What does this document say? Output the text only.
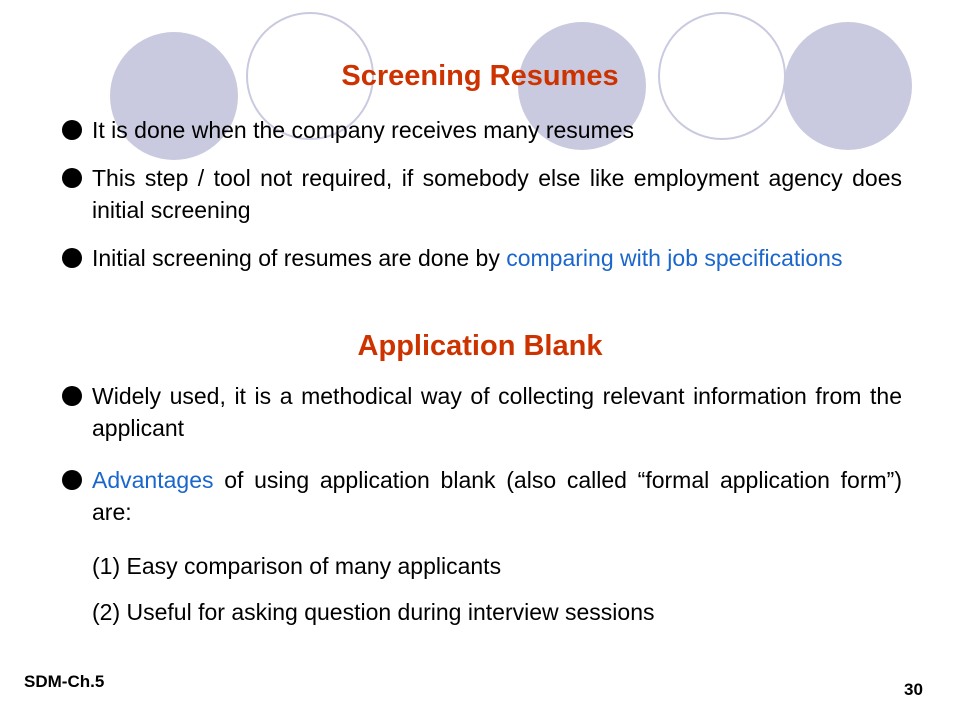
Screening Resumes

It is done when the company receives many resumes

This step / tool not required, if somebody else like employment agency does initial screening

Initial screening of resumes are done by comparing with job specifications

Application Blank

Widely used, it is a methodical way of collecting relevant information from the applicant

Advantages of using application blank (also called “formal application form”) are:

(1) Easy comparison of many applicants

(2) Useful for asking question during interview sessions

SDM-Ch.5	30
